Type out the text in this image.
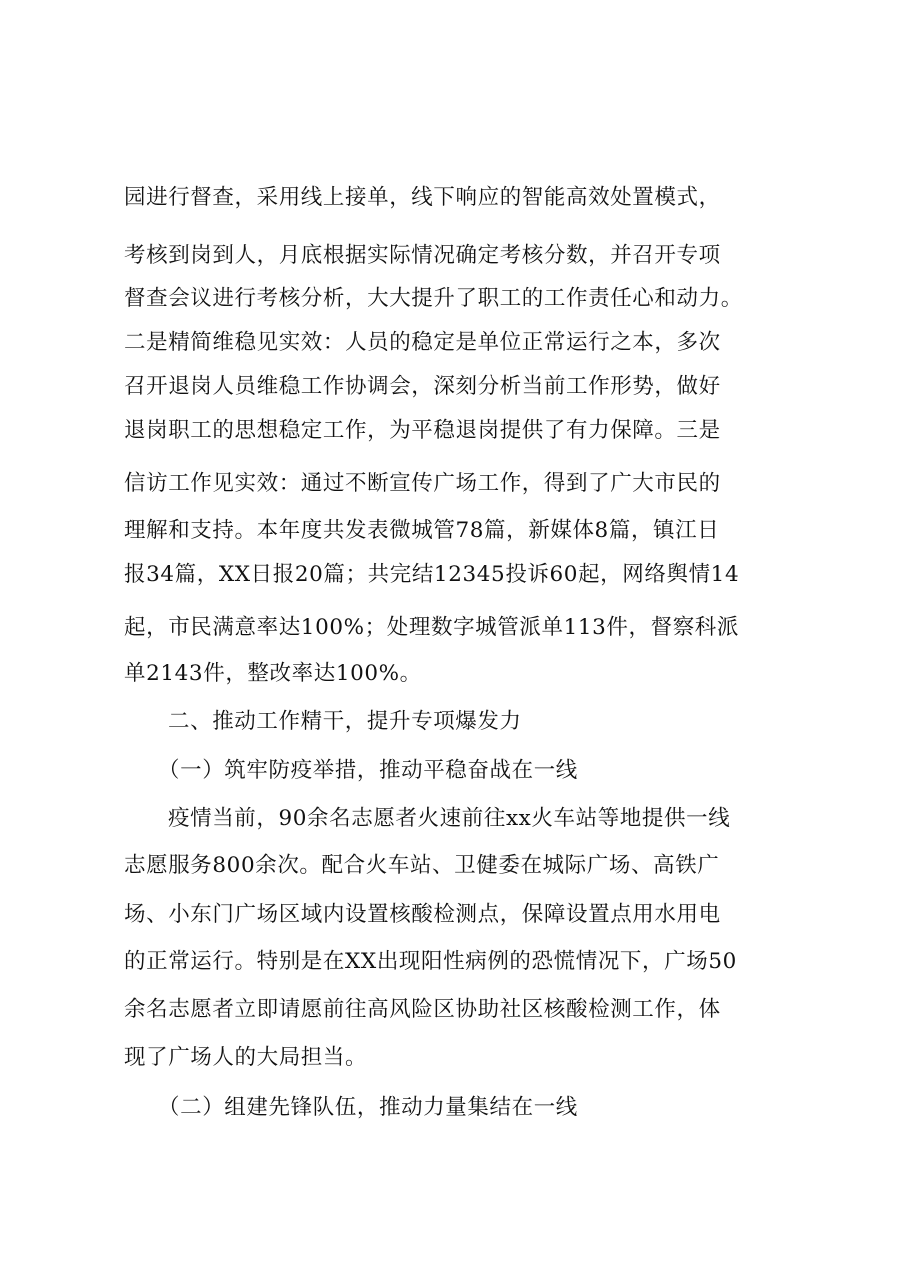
园进行督查，采用线上接单，线下响应的智能高效处置模式，
考核到岗到人，月底根据实际情况确定考核分数，并召开专项
督查会议进行考核分析，大大提升了职工的工作责任心和动力。
二是精简维稳见实效：人员的稳定是单位正常运行之本，多次
召开退岗人员维稳工作协调会，深刻分析当前工作形势，做好
退岗职工的思想稳定工作，为平稳退岗提供了有力保障。三是
信访工作见实效：通过不断宣传广场工作，得到了广大市民的
理解和支持。本年度共发表微城管78篇，新媒体8篇，镇江日
报34篇，XX日报20篇；共完结12345投诉60起，网络舆情14
起，市民满意率达100%；处理数字城管派单113件，督察科派
单2143件，整改率达100%。
二、推动工作精干，提升专项爆发力
（一）筑牢防疫举措，推动平稳奋战在一线
疫情当前，90余名志愿者火速前往xx火车站等地提供一线
志愿服务800余次。配合火车站、卫健委在城际广场、高铁广
场、小东门广场区域内设置核酸检测点，保障设置点用水用电
的正常运行。特别是在XX出现阳性病例的恐慌情况下，广场50
余名志愿者立即请愿前往高风险区协助社区核酸检测工作，体
现了广场人的大局担当。
（二）组建先锋队伍，推动力量集结在一线
